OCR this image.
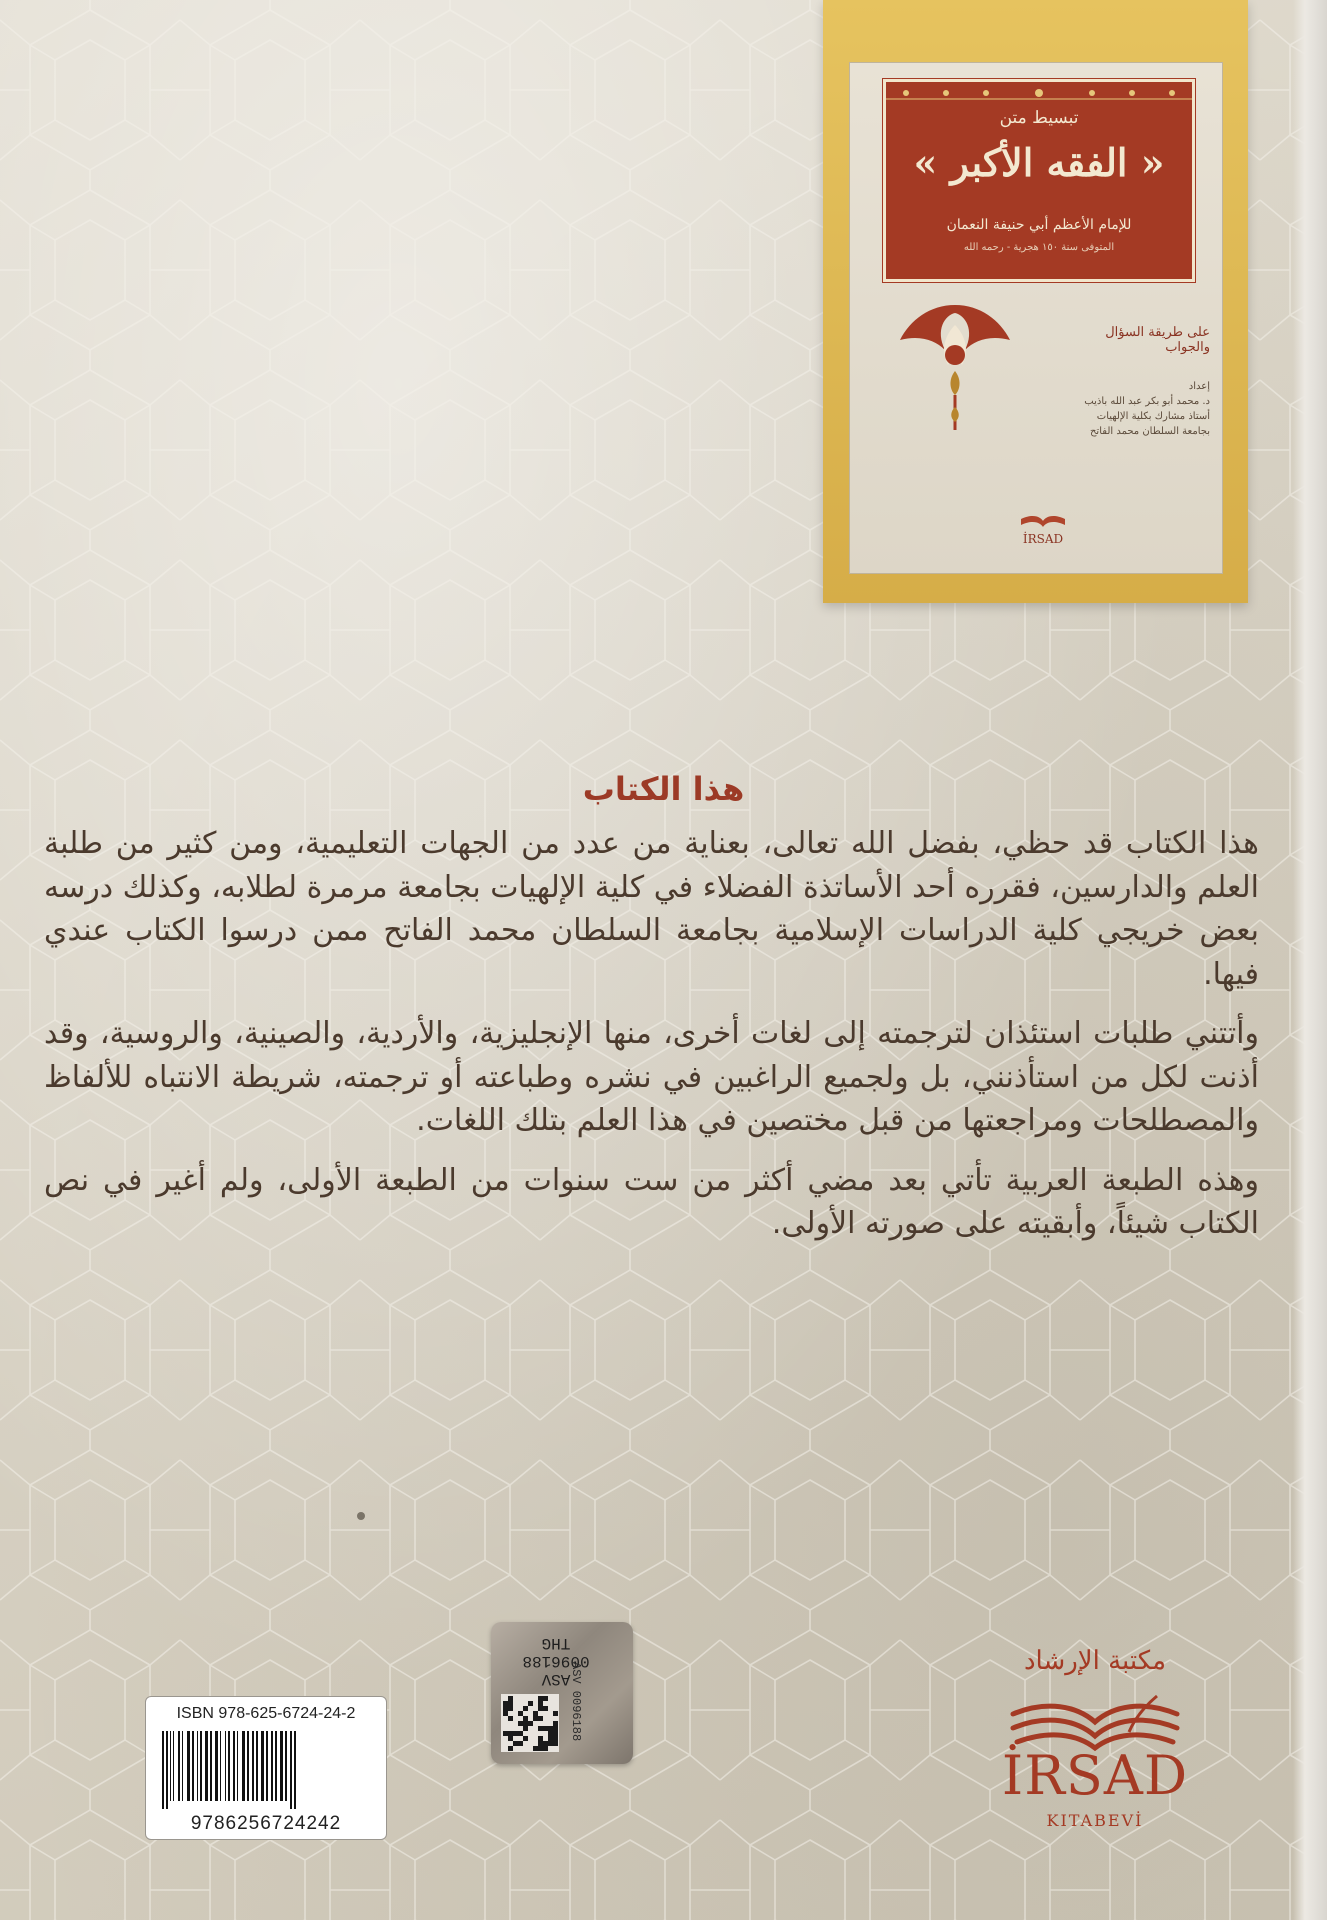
تبسيط متن
« الفقه الأكبر »
للإمام الأعظم أبي حنيفة النعمان
المتوفى سنة ١٥٠ هجرية - رحمه الله
على طريقة السؤال والجواب
إعداد
د. محمد أبو بكر عبد الله باذيب
أستاذ مشارك بكلية الإلهيات
بجامعة السلطان محمد الفاتح
İRSAD
هذا الكتاب

هذا الكتاب قد حظي، بفضل الله تعالى، بعناية من عدد من الجهات التعليمية، ومن كثير من طلبة العلم والدارسين، فقرره أحد الأساتذة الفضلاء في كلية الإلهيات بجامعة مرمرة لطلابه، وكذلك درسه بعض خريجي كلية الدراسات الإسلامية بجامعة السلطان محمد الفاتح ممن درسوا الكتاب عندي فيها.

وأتتني طلبات استئذان لترجمته إلى لغات أخرى، منها الإنجليزية، والأردية، والصينية، والروسية، وقد أذنت لكل من استأذنني، بل ولجميع الراغبين في نشره وطباعته أو ترجمته، شريطة الانتباه للألفاظ والمصطلحات ومراجعتها من قبل مختصين في هذا العلم بتلك اللغات.

وهذه الطبعة العربية تأتي بعد مضي أكثر من ست سنوات من الطبعة الأولى، ولم أغير في نص الكتاب شيئاً، وأبقيته على صورته الأولى.

ISBN 978-625-6724-24-2
9786256724242
ASV
0096188
THG
ASV 0096188
مكتبة الإرشاد
İRSAD
KITABEVİ
